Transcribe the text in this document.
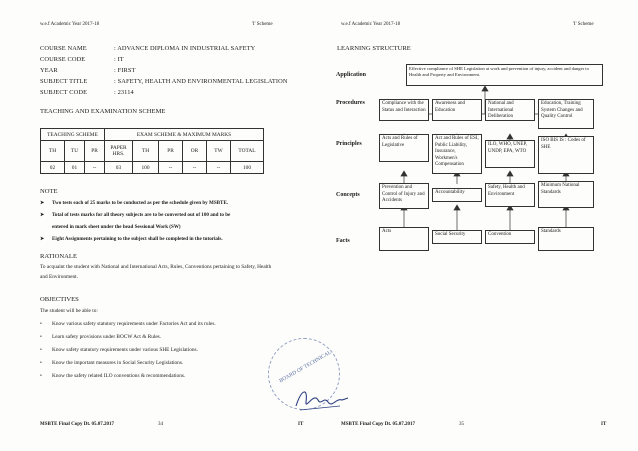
w.e.f Academic Year 2017-18	'I' Scheme
COURSE NAME	: ADVANCE DIPLOMA IN INDUSTRIAL SAFETY
COURSE CODE	: IT
YEAR	: FIRST
SUBJECT TITLE	: SAFETY, HEALTH AND ENVIRONMENTAL LEGISLATION
SUBJECT CODE	: 23114
TEACHING AND EXAMINATION SCHEME
TEACHING SCHEME			EXAM SCHEME & MAXIMUM MARKS					
TH	TU	PR	PAPER HRS.	TH	PR	OR	TW	TOTAL
02	01	--	03	100	--	--	--	100
NOTE
➤ Two tests each of 25 marks to be conducted as per the schedule given by MSBTE.
➤ Total of tests marks for all theory subjects are to be converted out of 100 and to be
entered in mark sheet under the head Sessional Work (SW)
➤ Eight Assignments pertaining to the subject shall be completed in the tutorials.
RATIONALE
To acquaint the student with National and International Acts, Rules, Conventions pertaining to Safety, Health and Environment.
OBJECTIVES
The student will be able to:
• Know various safety statutory requirements under Factories Act and its rules.
• Learn safety provisions under BOCW Act & Rules.
• Know safety statutory requirements under various SHE Legislations.
• Know the important measures in Social Security Legislations.
• Know the safety related ILO conventions & recommendations.
MSBTE Final Copy Dt. 05.07.2017	34	IT
w.e.f Academic Year 2017-18	'I' Scheme
LEARNING STRUCTURE
Application
Procedures
Principles
Concepts
Facts
Effective compliance of SHE Legislation at work and prevention of injury, accident and danger to Health and Property and Environment.
Compliance with the Status and Interaction
Awareness and Education
National and International Deliberation
Education, Training System Changes and Quality Control
Acts and Rules of Legislative
Act and Rules of ESI, Public Liability, Insurance, Workmen's Compensation
ILO, WHO, UNEP, UNDP, EPA, WTO
ISO BIS IS : Codes of SHE
Prevention and Control of Injury and Accidents
Accountability
Safety, Health and Environment
Minimum National Standards
Acts
Social Security	Convention
Standards
MSBTE Final Copy Dt. 05.07.2017	35	IT
BOARD OF TECHNICAL
